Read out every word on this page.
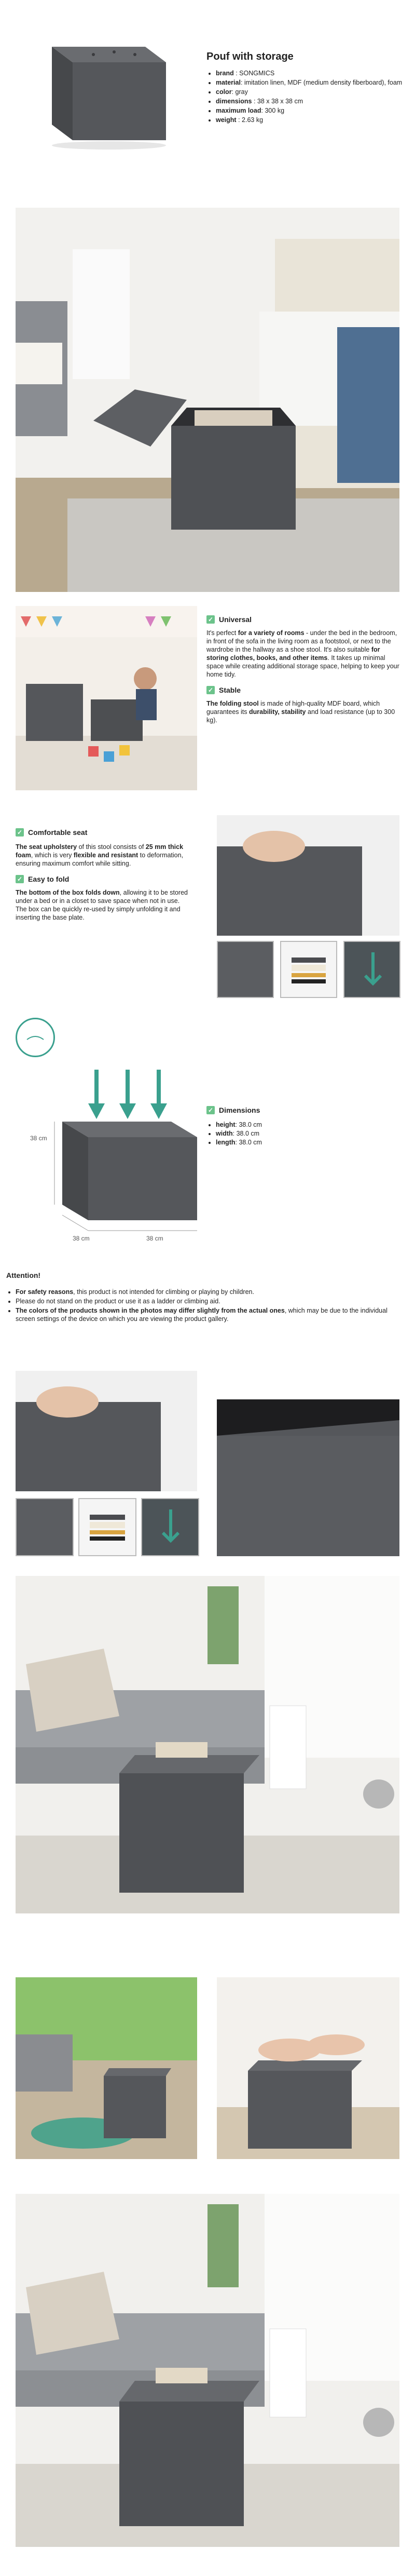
Pouf with storage
• brand : SONGMICS
• material: imitation linen, MDF (medium density fiberboard), foam
• color: gray
• dimensions : 38 x 38 x 38 cm
• maximum load: 300 kg
• weight : 2.63 kg
✓ Universal
It's perfect for a variety of rooms - under the bed in the bedroom, in front of the sofa in the living room as a footstool, or next to the wardrobe in the hallway as a shoe stool. It's also suitable for storing clothes, books, and other items. It takes up minimal space while creating additional storage space, helping to keep your home tidy.
✓ Stable
The folding stool is made of high-quality MDF board, which guarantees its durability, stability and load resistance (up to 300 kg).
✓ Comfortable seat
The seat upholstery of this stool consists of 25 mm thick foam, which is very flexible and resistant to deformation, ensuring maximum comfort while sitting.
✓ Easy to fold
The bottom of the box folds down, allowing it to be stored under a bed or in a closet to save space when not in use. The box can be quickly re-used by simply unfolding it and inserting the base plate.
38 cm
38 cm	38 cm
✓ Dimensions
• height: 38.0 cm
• width: 38.0 cm
• length: 38.0 cm
Attention!
• For safety reasons, this product is not intended for climbing or playing by children.
• Please do not stand on the product or use it as a ladder or climbing aid.
• The colors of the products shown in the photos may differ slightly from the actual ones, which may be due to the individual screen settings of the device on which you are viewing the product gallery.
